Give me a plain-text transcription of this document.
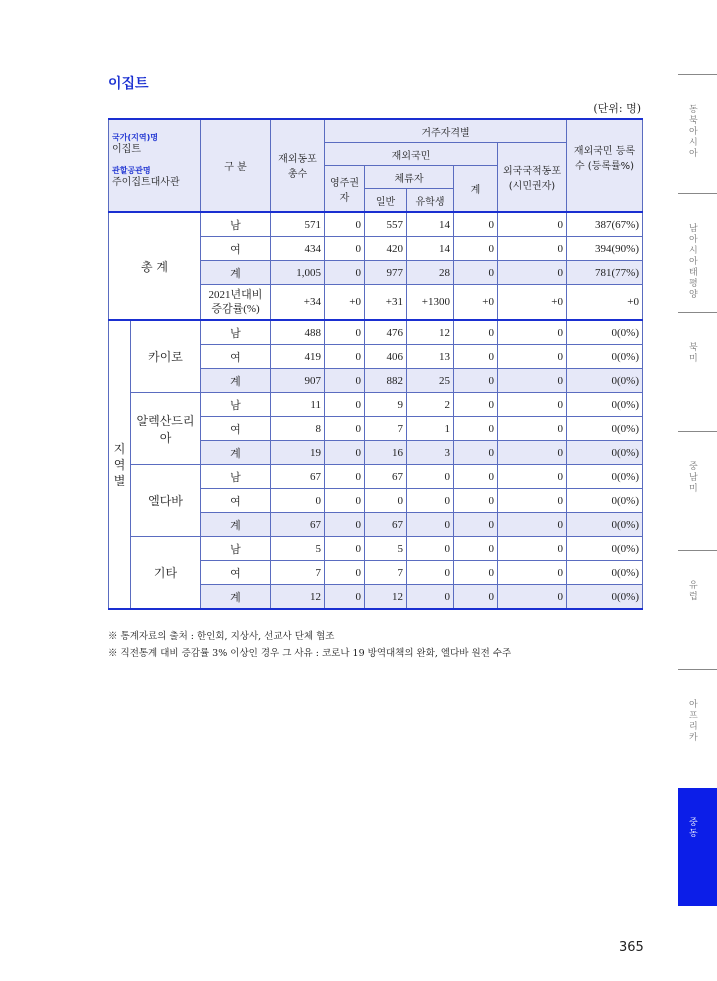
이집트
(단위: 명)
국가(지역)명
이집트
관할공관명
주이집트대사관		구 분	재외동포 총수	거주자격별					재외국민 등록수 (등록률%)
				재외국민				외국국적동포 (시민권자)	
				영주권자	체류자		계		
					일반	유학생			
총 계		남	571	0	557	14	0	0	387(67%)
		여	434	0	420	14	0	0	394(90%)
		계	1,005	0	977	28	0	0	781(77%)
		2021년대비 증감률(%)	+34	+0	+31	+1300	+0	+0	+0
지 역 별	카이로	남	488	0	476	12	0	0	0(0%)
		여	419	0	406	13	0	0	0(0%)
		계	907	0	882	25	0	0	0(0%)
	알렉산드리아	남	11	0	9	2	0	0	0(0%)
		여	8	0	7	1	0	0	0(0%)
		계	19	0	16	3	0	0	0(0%)
	엘다바	남	67	0	67	0	0	0	0(0%)
		여	0	0	0	0	0	0	0(0%)
		계	67	0	67	0	0	0	0(0%)
	기타	남	5	0	5	0	0	0	0(0%)
		여	7	0	7	0	0	0	0(0%)
		계	12	0	12	0	0	0	0(0%)
※ 통계자료의 출처 : 한인회, 지상사, 선교사 단체 협조
※ 직전통계 대비 증감률 3% 이상인 경우 그 사유 : 코로나 19 방역대책의 완화, 엘다바 원전 수주
동북아시아
남아시아태평양
북미
중남미
유럽
아프리카
중동
365
